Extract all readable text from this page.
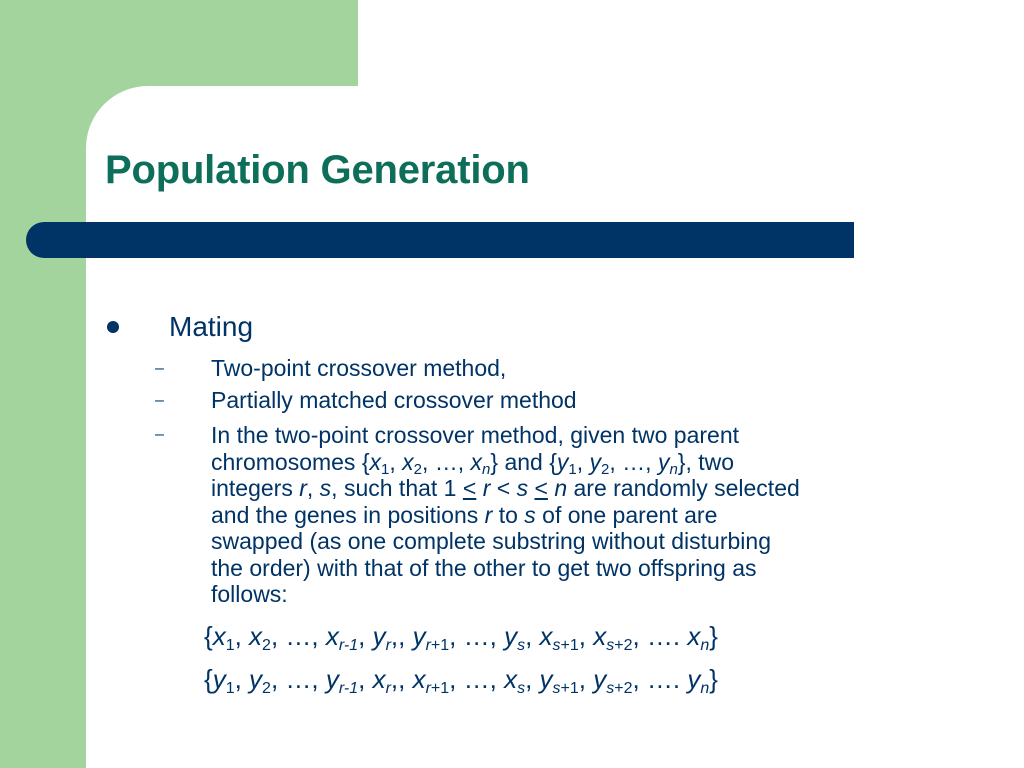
Population Generation
Mating
– Two-point crossover method,
– Partially matched crossover method
– In the two-point crossover method, given two parent
chromosomes {$x_1$, $x_2$, …, $x_n$} and {$y_1$, $y_2$, …, $y_n$}, two
integers r, s, such that 1 < r < s < n are randomly selected
and the genes in positions r to s of one parent are
swapped (as one complete substring without disturbing
the order) with that of the other to get two offspring as
follows:
{$x_1$, $x_2$, …, $x_{r-1}$, $y_r$,, $y_{r+1}$, …, $y_s$, $x_{s+1}$, $x_{s+2}$, …. $x_n$}
{$y_1$, $y_2$, …, $y_{r-1}$, $x_r$,, $x_{r+1}$, …, $x_s$, $y_{s+1}$, $y_{s+2}$, …. $y_n$}
